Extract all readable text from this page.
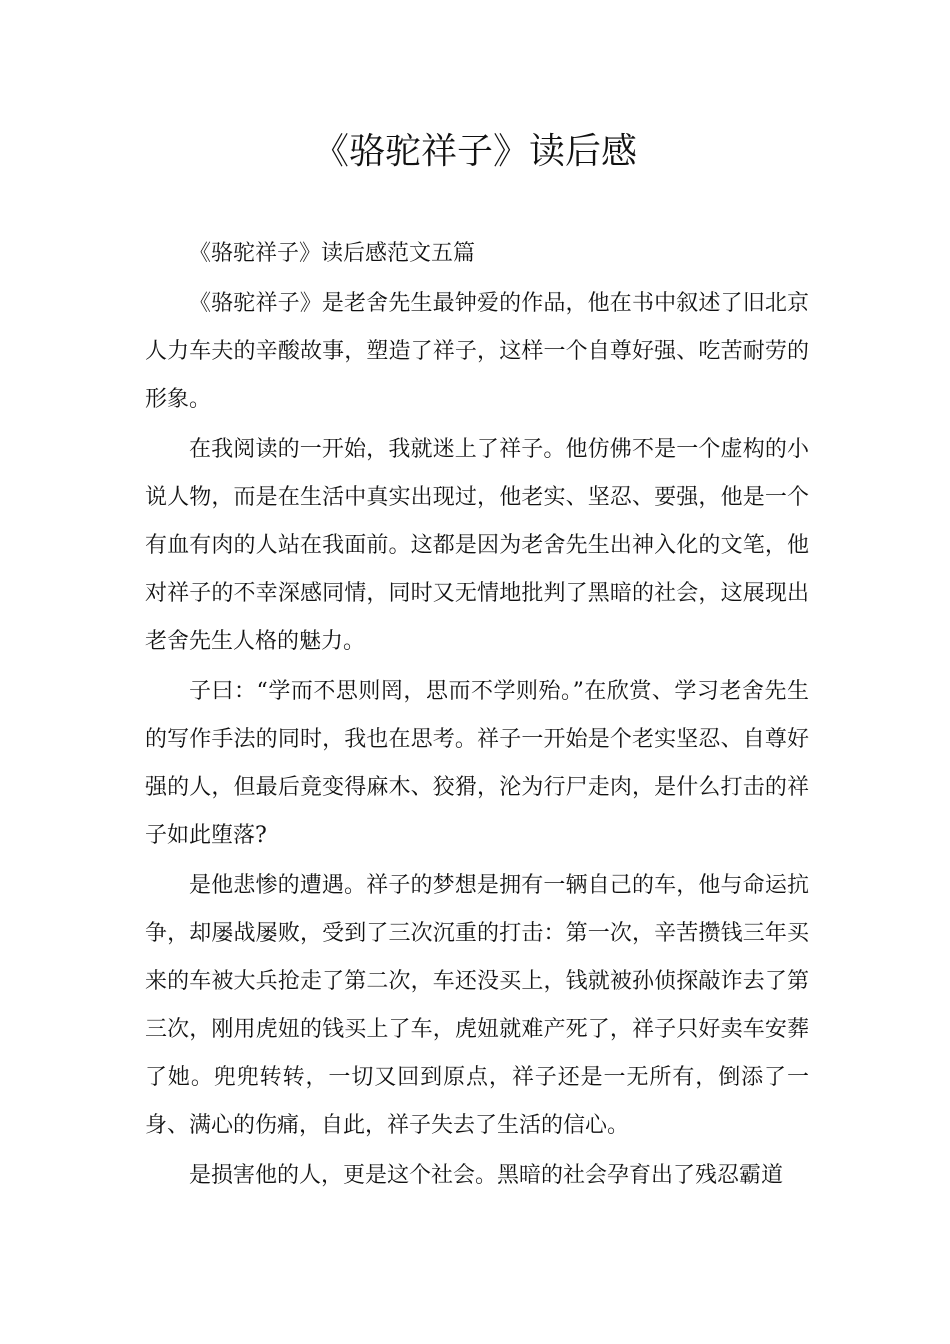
《骆驼祥子》读后感

《骆驼祥子》读后感范文五篇

《骆驼祥子》是老舍先生最钟爱的作品，他在书中叙述了旧北京人力车夫的辛酸故事，塑造了祥子，这样一个自尊好强、吃苦耐劳的形象。

在我阅读的一开始，我就迷上了祥子。他仿佛不是一个虚构的小说人物，而是在生活中真实出现过，他老实、坚忍、要强，他是一个有血有肉的人站在我面前。这都是因为老舍先生出神入化的文笔，他对祥子的不幸深感同情，同时又无情地批判了黑暗的社会，这展现出老舍先生人格的魅力。

子曰：“学而不思则罔，思而不学则殆。”在欣赏、学习老舍先生的写作手法的同时，我也在思考。祥子一开始是个老实坚忍、自尊好强的人，但最后竟变得麻木、狡猾，沦为行尸走肉，是什么打击的祥子如此堕落?

是他悲惨的遭遇。祥子的梦想是拥有一辆自己的车，他与命运抗争，却屡战屡败，受到了三次沉重的打击：第一次，辛苦攒钱三年买来的车被大兵抢走了第二次，车还没买上，钱就被孙侦探敲诈去了第三次，刚用虎妞的钱买上了车，虎妞就难产死了，祥子只好卖车安葬了她。兜兜转转，一切又回到原点，祥子还是一无所有，倒添了一身、满心的伤痛，自此，祥子失去了生活的信心。

是损害他的人，更是这个社会。黑暗的社会孕育出了残忍霸道
